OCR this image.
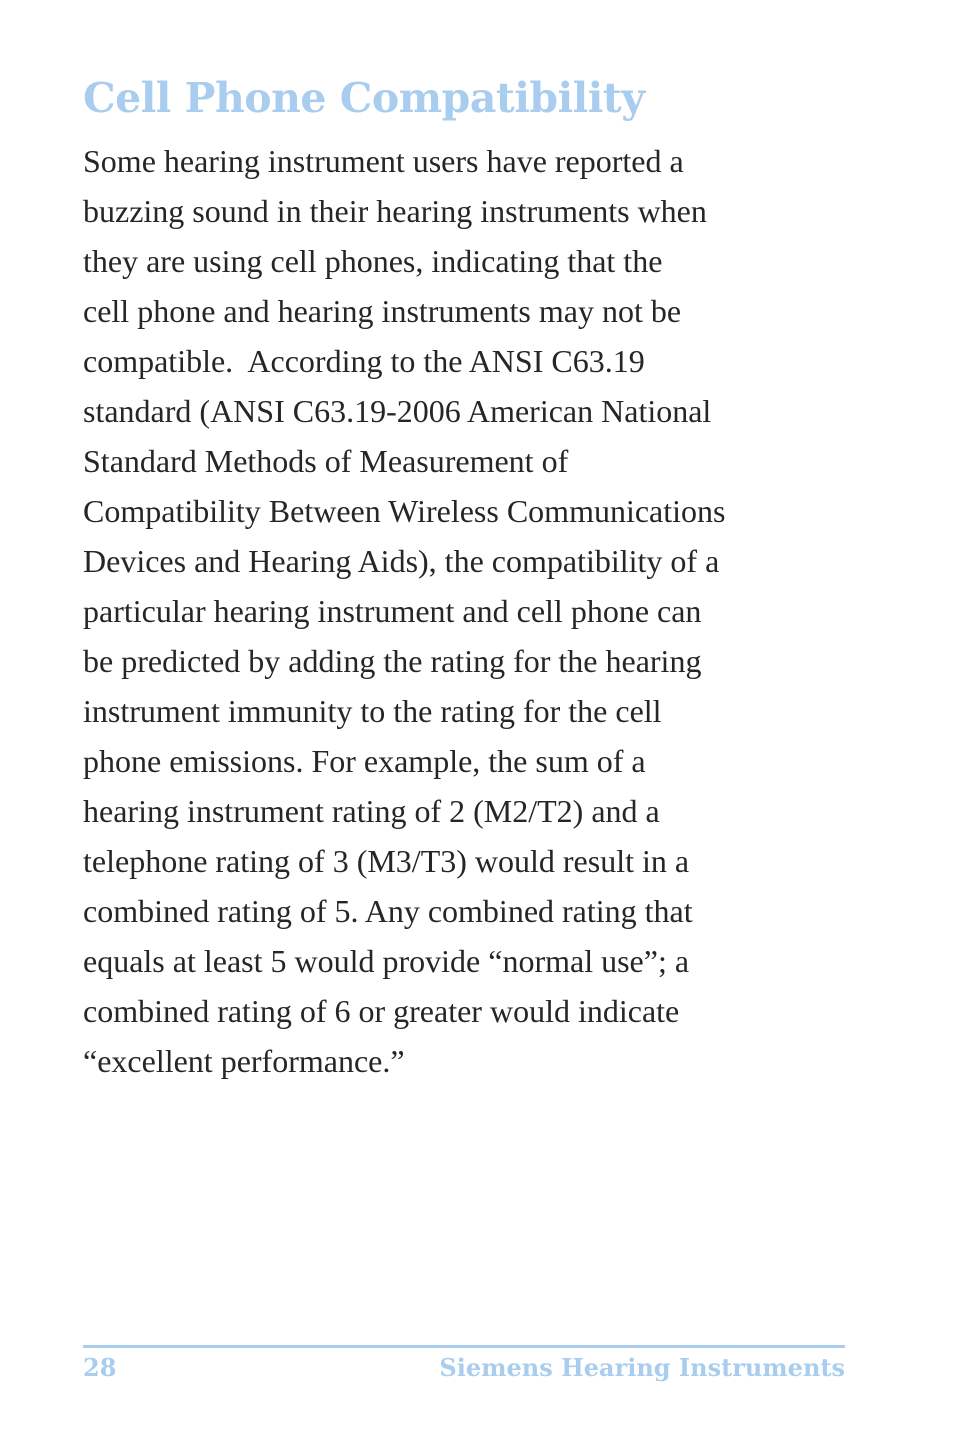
Cell Phone Compatibility
Some hearing instrument users have reported a
buzzing sound in their hearing instruments when
they are using cell phones, indicating that the
cell phone and hearing instruments may not be
compatible.  According to the ANSI C63.19
standard (ANSI C63.19-2006 American National
Standard Methods of Measurement of
Compatibility Between Wireless Communications
Devices and Hearing Aids), the compatibility of a
particular hearing instrument and cell phone can
be predicted by adding the rating for the hearing
instrument immunity to the rating for the cell
phone emissions. For example, the sum of a
hearing instrument rating of 2 (M2/T2) and a
telephone rating of 3 (M3/T3) would result in a
combined rating of 5. Any combined rating that
equals at least 5 would provide “normal use”; a
combined rating of 6 or greater would indicate
“excellent performance.”
28	Siemens Hearing Instruments
